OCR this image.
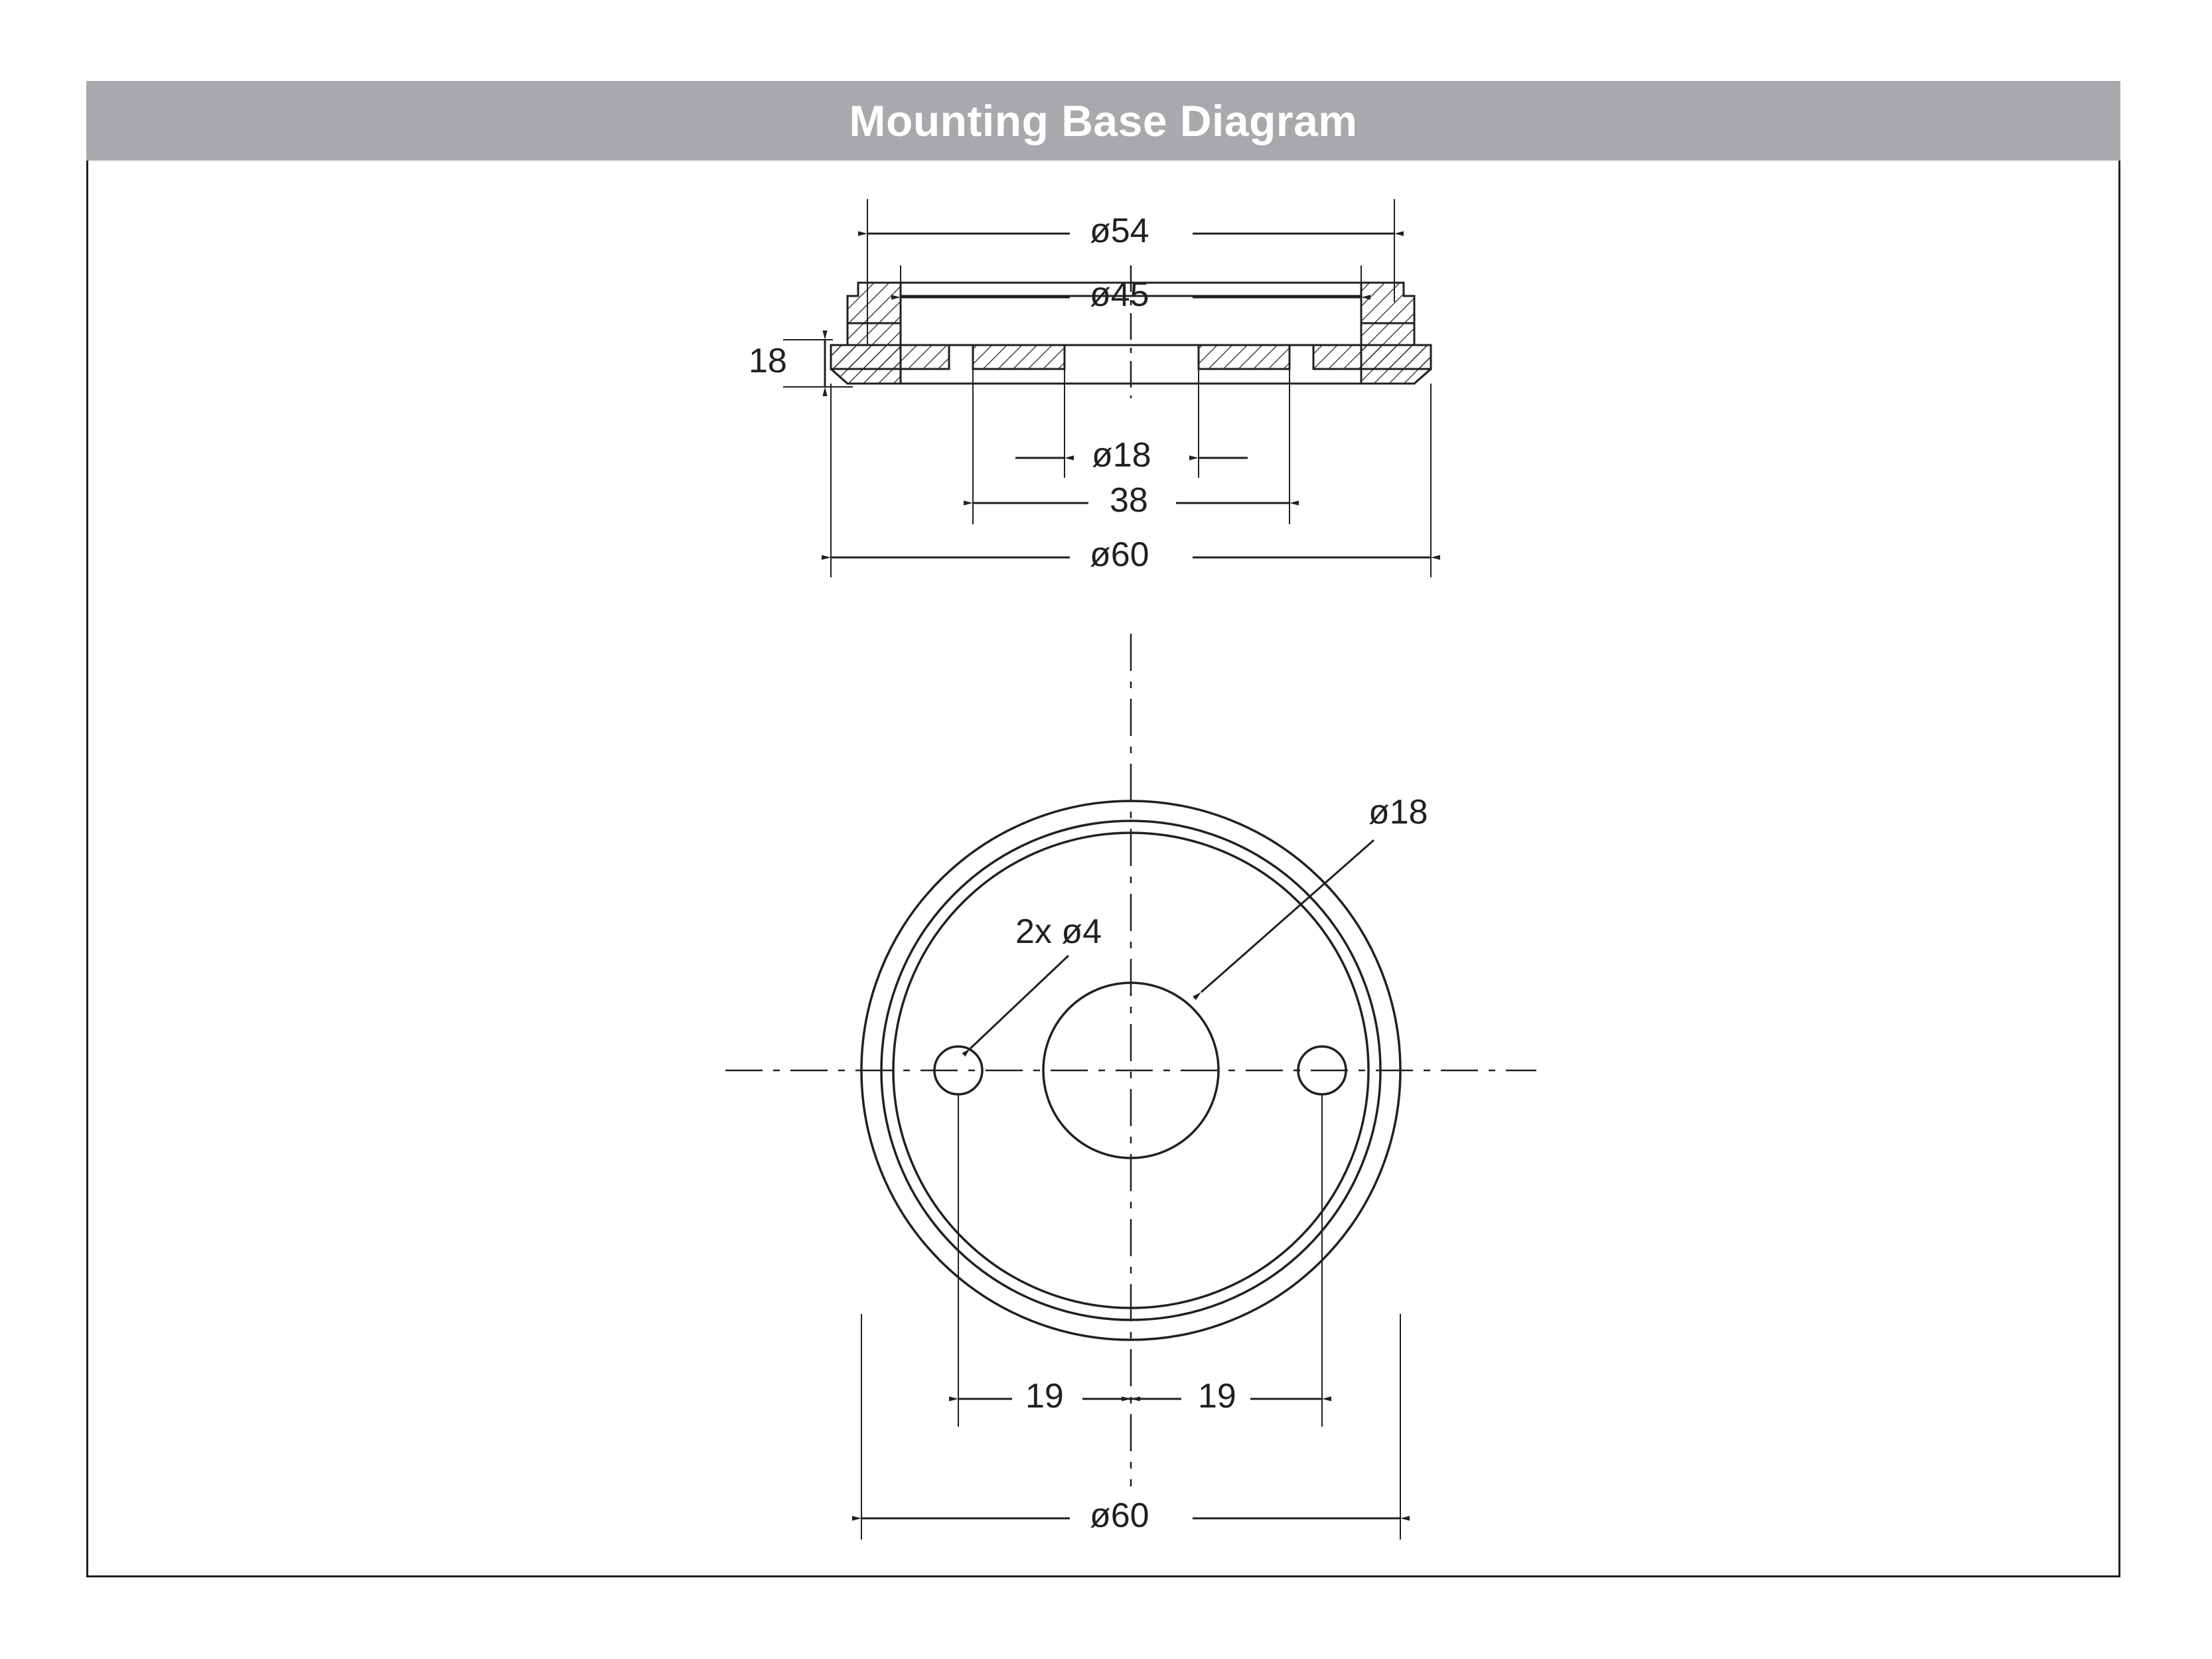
Mounting Base Diagram
ø54
ø45
18
ø18
38
ø60
ø18
2x ø4
19	19
ø60
